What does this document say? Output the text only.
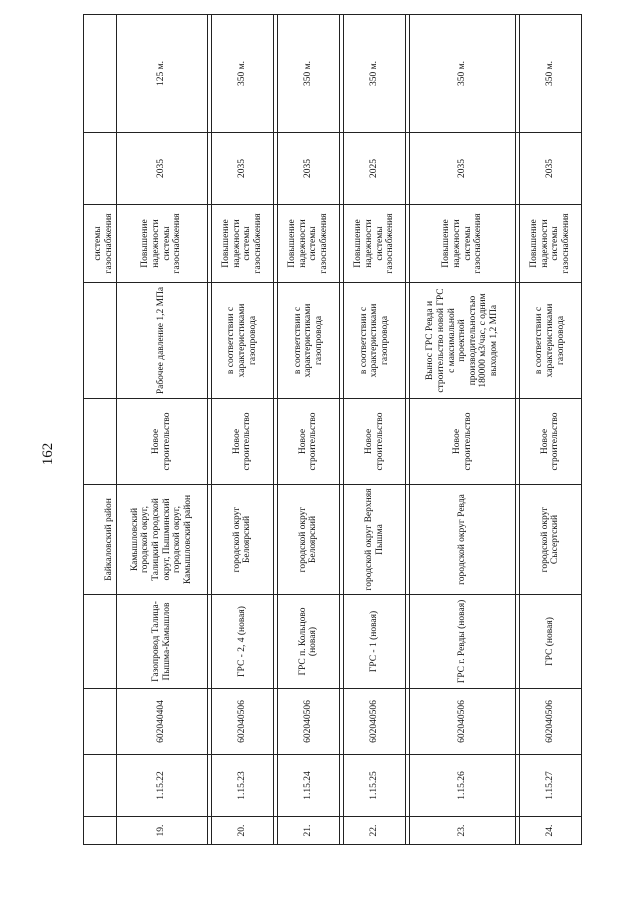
162
				Байкаловский район			системы газоснабжения		
19.	1.15.22	602040404	Газопровод Талица-Пышма-Камышлов	Камышловский городской округ, Талицкий городской округ, Пышминский городской округ, Камышловский район	Новое строительство	Рабочее давление 1,2 МПа	Повышение надежности системы газоснабжения	2035	125 м.

20.	1.15.23	602040506	ГРС - 2, 4 (новая)	городской округ Белоярский	Новое строительство	в соответствии с характеристиками газопровода	Повышение надежности системы газоснабжения	2035	350 м.

21.	1.15.24	602040506	ГРС п. Кольцово (новая)	городской округ Белоярский	Новое строительство	в соответствии с характеристиками газопровода	Повышение надежности системы газоснабжения	2035	350 м.

22.	1.15.25	602040506	ГРС - 1 (новая)	городской округ Верхняя Пышма	Новое строительство	в соответствии с характеристиками газопровода	Повышение надежности системы газоснабжения	2025	350 м.

23.	1.15.26	602040506	ГРС г. Ревды (новая)	городской округ Ревда	Новое строительство	Вынос ГРС Ревда и строительство новой ГРС с максимальной проектной производительностью 180000 м3/час, с одним выходом 1,2 МПа	Повышение надежности системы газоснабжения	2035	350 м.

24.	1.15.27	602040506	ГРС (новая)	городской округ Сысертский	Новое строительство	в соответствии с характеристиками газопровода	Повышение надежности системы газоснабжения	2035	350 м.
